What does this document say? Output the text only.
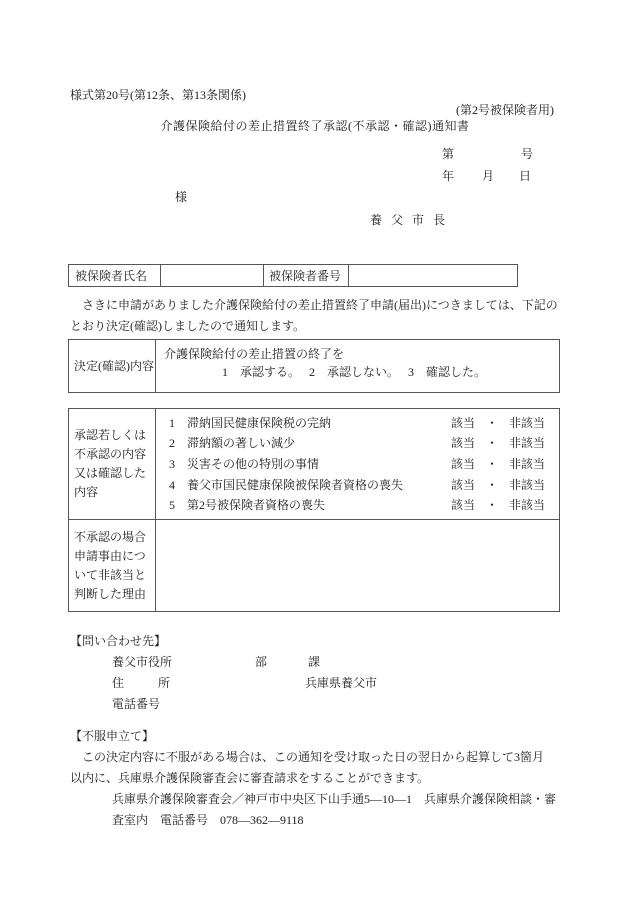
様式第20号(第12条、第13条関係)
(第2号被保険者用)
介護保険給付の差止措置終了承認(不承認・確認)通知書
第	号
年 月 日
様
養父市長
被保険者氏名	被保険者番号
　さきに申請がありました介護保険給付の差止措置終了申請(届出)につきましては、下記のとおり決定(確認)しましたので通知します。
決定(確認)内容
介護保険給付の差止措置の終了を
1　承認する。　 2　承認しない。　 3　確認した。
承認若しくは不承認の内容又は確認した内容
1	滞納国民健康保険税の完納	該当 ・ 非該当
2	滞納額の著しい減少	該当 ・ 非該当
3	災害その他の特別の事情	該当 ・ 非該当
4	養父市国民健康保険被保険者資格の喪失	該当 ・ 非該当
5	第2号被保険者資格の喪失	該当 ・ 非該当
不承認の場合申請事由について非該当と判断した理由
【問い合わせ先】
養父市役所	部	課
住	所	兵庫県養父市
電話番号
【不服申立て】
　この決定内容に不服がある場合は、この通知を受け取った日の翌日から起算して3箇月
以内に、兵庫県介護保険審査会に審査請求をすることができます。
兵庫県介護保険審査会／神戸市中央区下山手通5―10―1　兵庫県介護保険相談・審
査室内　電話番号　078―362―9118
